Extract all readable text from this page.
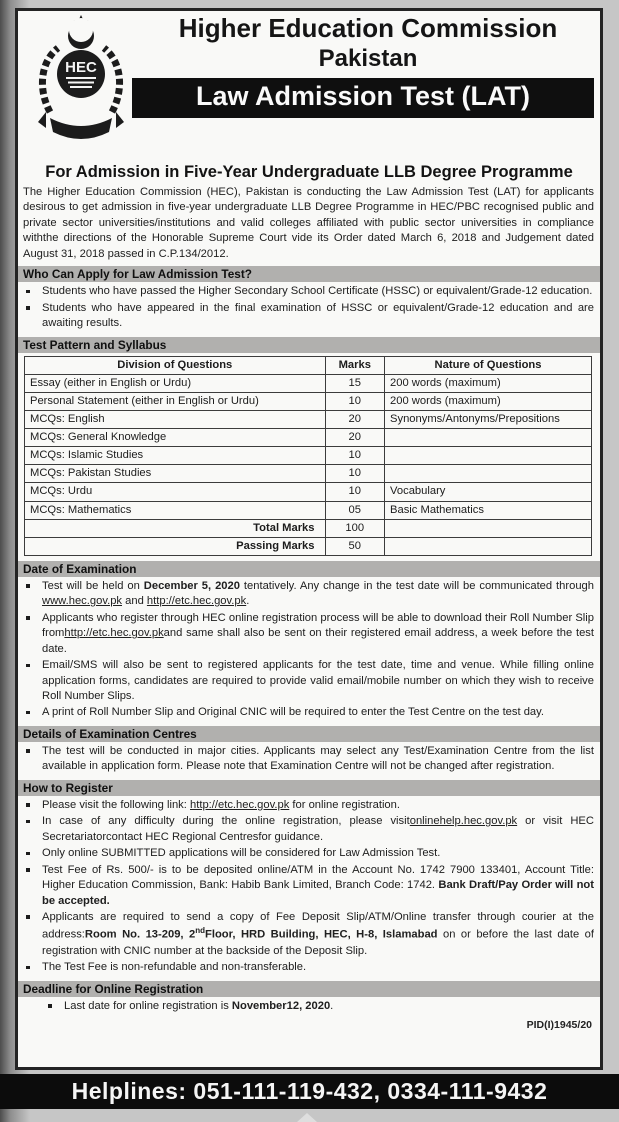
HEC
Higher Education Commission
Pakistan
Law Admission Test (LAT)
For Admission in Five-Year Undergraduate LLB Degree Programme
The Higher Education Commission (HEC), Pakistan is conducting the Law Admission Test (LAT) for applicants desirous to get admission in five-year undergraduate LLB Degree Programme in HEC/PBC recognised public and private sector universities/institutions and valid colleges affiliated with public sector universities in compliance withthe directions of the Honorable Supreme Court vide its Order dated March 6, 2018 and Judgement dated August 31, 2018 passed in C.P.134/2012.
Who Can Apply for Law Admission Test?
Students who have passed the Higher Secondary School Certificate (HSSC) or equivalent/Grade-12 education.
Students who have appeared in the final examination of HSSC or equivalent/Grade-12 education and are awaiting results.
Test Pattern and Syllabus
Division of Questions	Marks	Nature of Questions
Essay (either in English or Urdu)	15	200 words (maximum)
Personal Statement (either in English or Urdu)	10	200 words (maximum)
MCQs: English	20	Synonyms/Antonyms/Prepositions
MCQs: General Knowledge	20	
MCQs: Islamic Studies	10	
MCQs: Pakistan Studies	10	
MCQs: Urdu	10	Vocabulary
MCQs: Mathematics	05	Basic Mathematics
Total Marks	100	
Passing Marks	50	
Date of Examination
Test will be held on December 5, 2020 tentatively. Any change in the test date will be communicated through www.hec.gov.pk and http://etc.hec.gov.pk.
Applicants who register through HEC online registration process will be able to download their Roll Number Slip fromhttp://etc.hec.gov.pkand same shall also be sent on their registered email address, a week before the test date.
Email/SMS will also be sent to registered applicants for the test date, time and venue. While filling online application forms, candidates are required to provide valid email/mobile number on which they wish to receive Roll Number Slips.
A print of Roll Number Slip and Original CNIC will be required to enter the Test Centre on the test day.
Details of Examination Centres
The test will be conducted in major cities. Applicants may select any Test/Examination Centre from the list available in application form. Please note that Examination Centre will not be changed after registration.
How to Register
Please visit the following link: http://etc.hec.gov.pk for online registration.
In case of any difficulty during the online registration, please visitonlinehelp.hec.gov.pk or visit HEC Secretariatorcontact HEC Regional Centresfor guidance.
Only online SUBMITTED applications will be considered for Law Admission Test.
Test Fee of Rs. 500/- is to be deposited online/ATM in the Account No. 1742 7900 133401, Account Title: Higher Education Commission, Bank: Habib Bank Limited, Branch Code: 1742. Bank Draft/Pay Order will not be accepted.
Applicants are required to send a copy of Fee Deposit Slip/ATM/Online transfer through courier at the address:Room No. 13-209, 2ndFloor, HRD Building, HEC, H-8, Islamabad on or before the last date of registration with CNIC number at the backside of the Deposit Slip.
The Test Fee is non-refundable and non-transferable.
Deadline for Online Registration
Last date for online registration is November12, 2020.
PID(I)1945/20
Helplines: 051-111-119-432, 0334-111-9432
